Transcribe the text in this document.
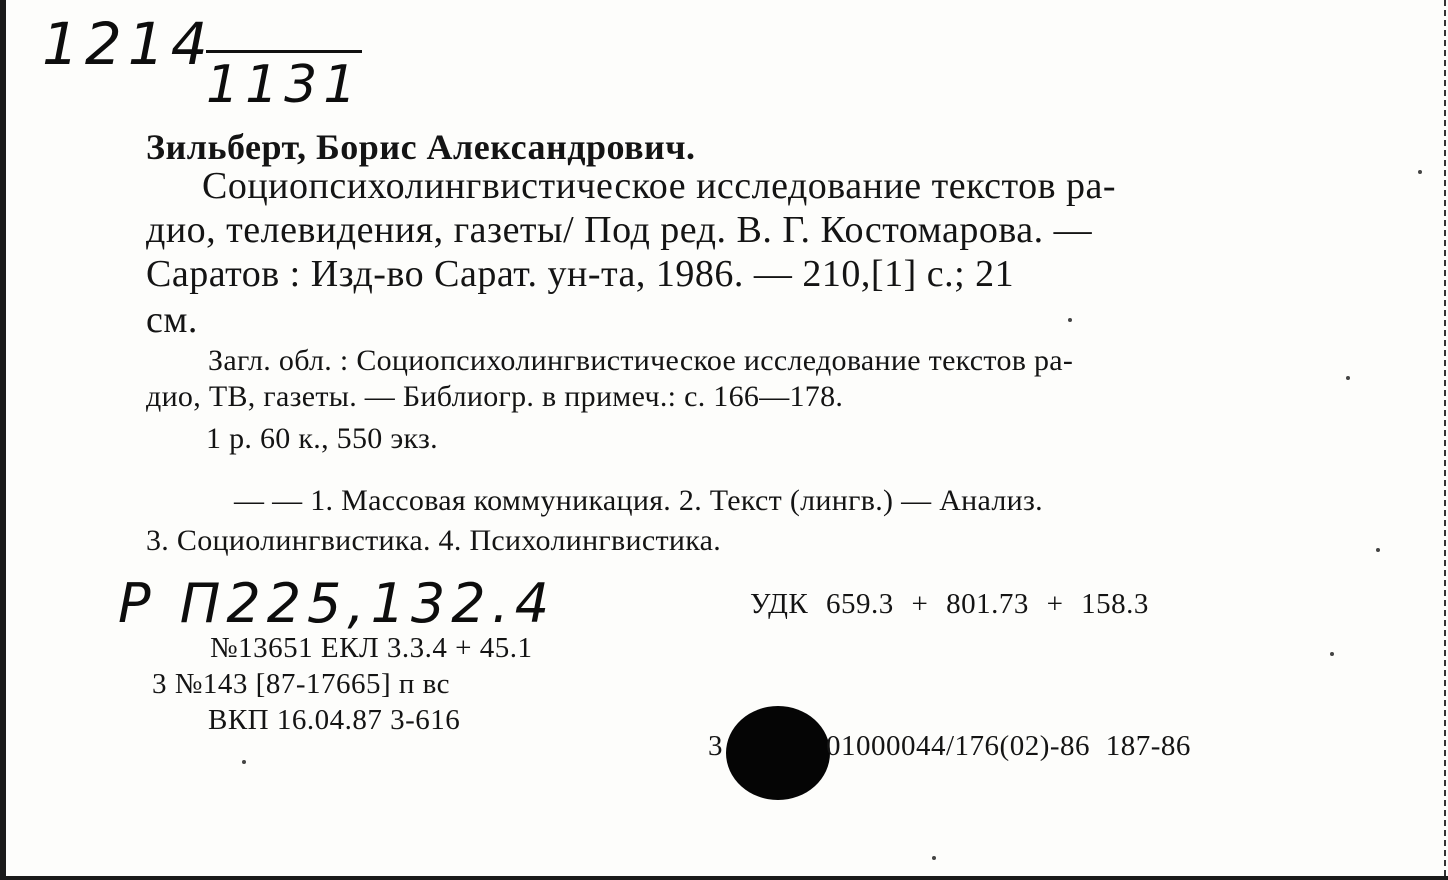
1214
1131
Зильберт, Борис Александрович.
Социопсихолингвистическое исследование текстов ра-
дио, телевидения, газеты/ Под ред. В. Г. Костомарова. —
Саратов : Изд-во Сарат. ун-та, 1986. — 210,[1] с.; 21
см.
Загл. обл. : Социопсихолингвистическое исследование текстов ра-
дио, ТВ, газеты. — Библиогр. в примеч.: с. 166—178.
1 р. 60 к., 550 экз.
— — 1. Массовая коммуникация. 2. Текст (лингв.) — Анализ.
3. Социолингвистика. 4. Психолингвистика.
Р П225,132.4	УДК 659.3 + 801.73 + 158.3
№13651 ЕКЛ 3.3.4 + 45.1
3 №143 [87-17665] п вс
ВКП 16.04.87 3-616
3	01000044/176(02)-86 187-86
